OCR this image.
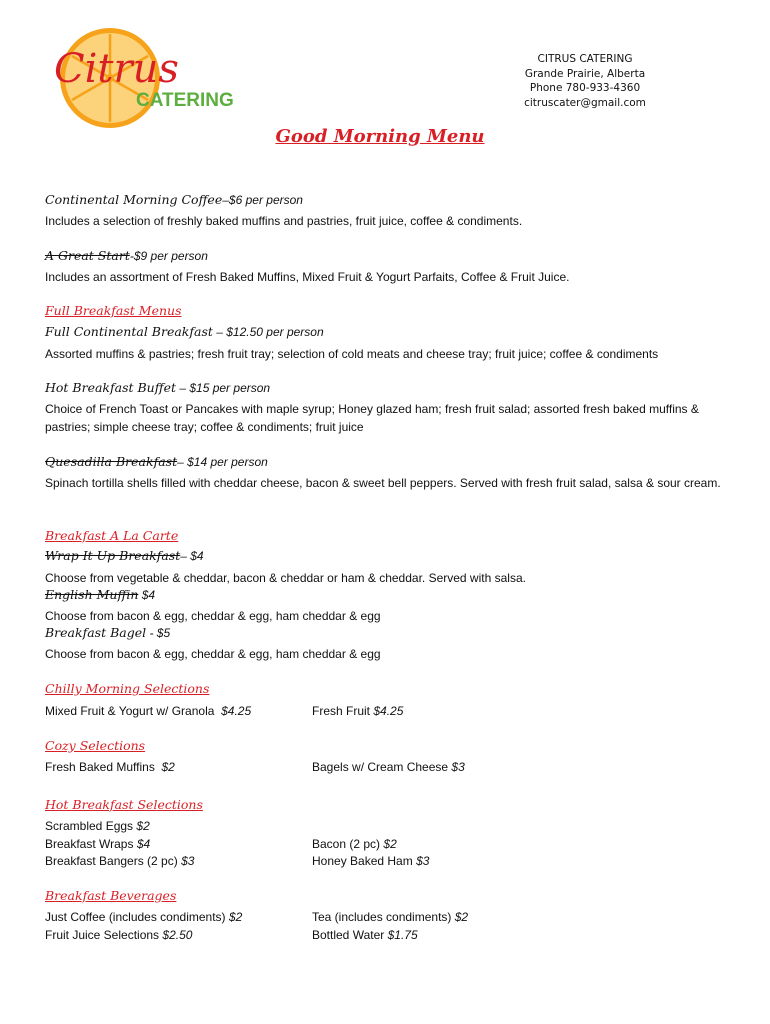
Citrus
CATERING
CITRUS CATERING
Grande Prairie, Alberta
Phone 780-933-4360
citruscater@gmail.com
Good Morning Menu
Continental Morning Coffee–$6 per person
Includes a selection of freshly baked muffins and pastries, fruit juice, coffee & condiments.
A Great Start-$9 per person
Includes an assortment of Fresh Baked Muffins, Mixed Fruit & Yogurt Parfaits, Coffee & Fruit Juice.
Full Breakfast Menus
Full Continental Breakfast – $12.50 per person
Assorted muffins & pastries; fresh fruit tray; selection of cold meats and cheese tray; fruit juice; coffee & condiments
Hot Breakfast Buffet – $15 per person
Choice of French Toast or Pancakes with maple syrup; Honey glazed ham; fresh fruit salad; assorted fresh baked muffins & pastries; simple cheese tray; coffee & condiments; fruit juice
Quesadilla Breakfast– $14 per person
Spinach tortilla shells filled with cheddar cheese, bacon & sweet bell peppers. Served with fresh fruit salad, salsa & sour cream.
Breakfast A La Carte
Wrap It Up Breakfast– $4
Choose from vegetable & cheddar, bacon & cheddar or ham & cheddar. Served with salsa.
English Muffin $4
Choose from bacon & egg, cheddar & egg, ham cheddar & egg
Breakfast Bagel - $5
Choose from bacon & egg, cheddar & egg, ham cheddar & egg
Chilly Morning Selections
Mixed Fruit & Yogurt w/ Granola $4.25	Fresh Fruit $4.25
Cozy Selections
Fresh Baked Muffins $2	Bagels w/ Cream Cheese $3
Hot Breakfast Selections
Scrambled Eggs $2
Breakfast Wraps $4
Breakfast Bangers (2 pc) $3
Bacon (2 pc) $2
Honey Baked Ham $3
Breakfast Beverages
Just Coffee (includes condiments) $2
Fruit Juice Selections $2.50
Tea (includes condiments) $2
Bottled Water $1.75
